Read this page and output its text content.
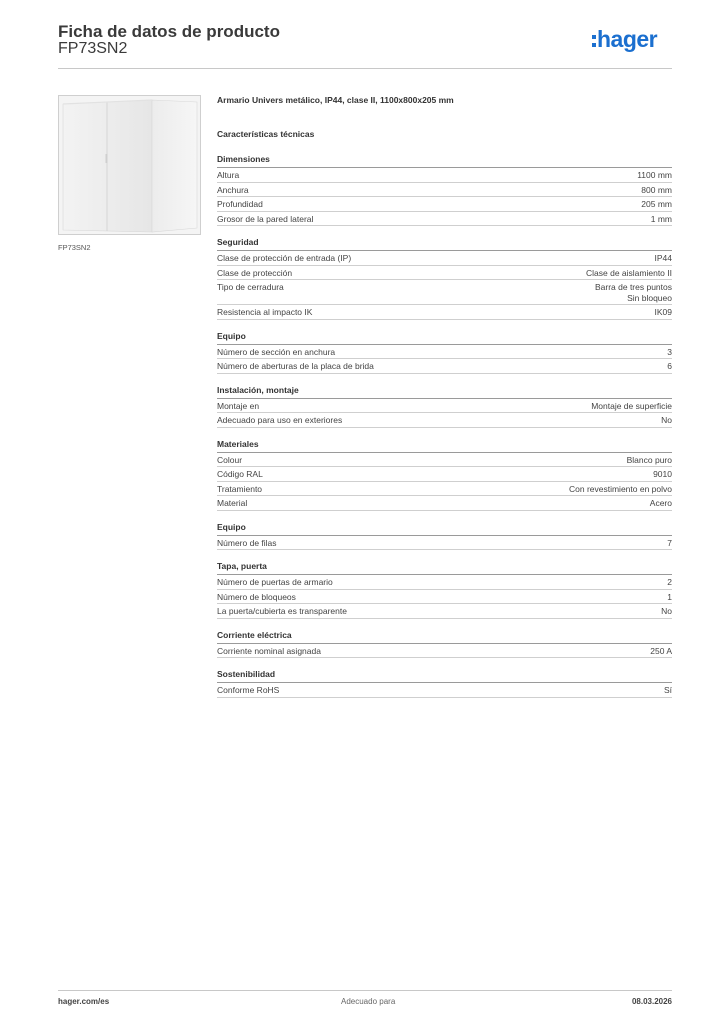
Ficha de datos de producto
FP73SN2	hager
FP73SN2
Armario Univers metálico, IP44, clase II, 1100x800x205 mm
Características técnicas
Dimensiones
Altura	1100 mm
Anchura	800 mm
Profundidad	205 mm
Grosor de la pared lateral	1 mm
Seguridad
Clase de protección de entrada (IP)	IP44
Clase de protección	Clase de aislamiento II
Tipo de cerradura	Barra de tres puntos
Sin bloqueo
Resistencia al impacto IK	IK09
Equipo
Número de sección en anchura	3
Número de aberturas de la placa de brida	6
Instalación, montaje
Montaje en	Montaje de superficie
Adecuado para uso en exteriores	No
Materiales
Colour	Blanco puro
Código RAL	9010
Tratamiento	Con revestimiento en polvo
Material	Acero
Equipo
Número de filas	7
Tapa, puerta
Número de puertas de armario	2
Número de bloqueos	1
La puerta/cubierta es transparente	No
Corriente eléctrica
Corriente nominal asignada	250 A
Sostenibilidad
Conforme RoHS	Sí
hager.com/es	Adecuado para	08.03.2026
